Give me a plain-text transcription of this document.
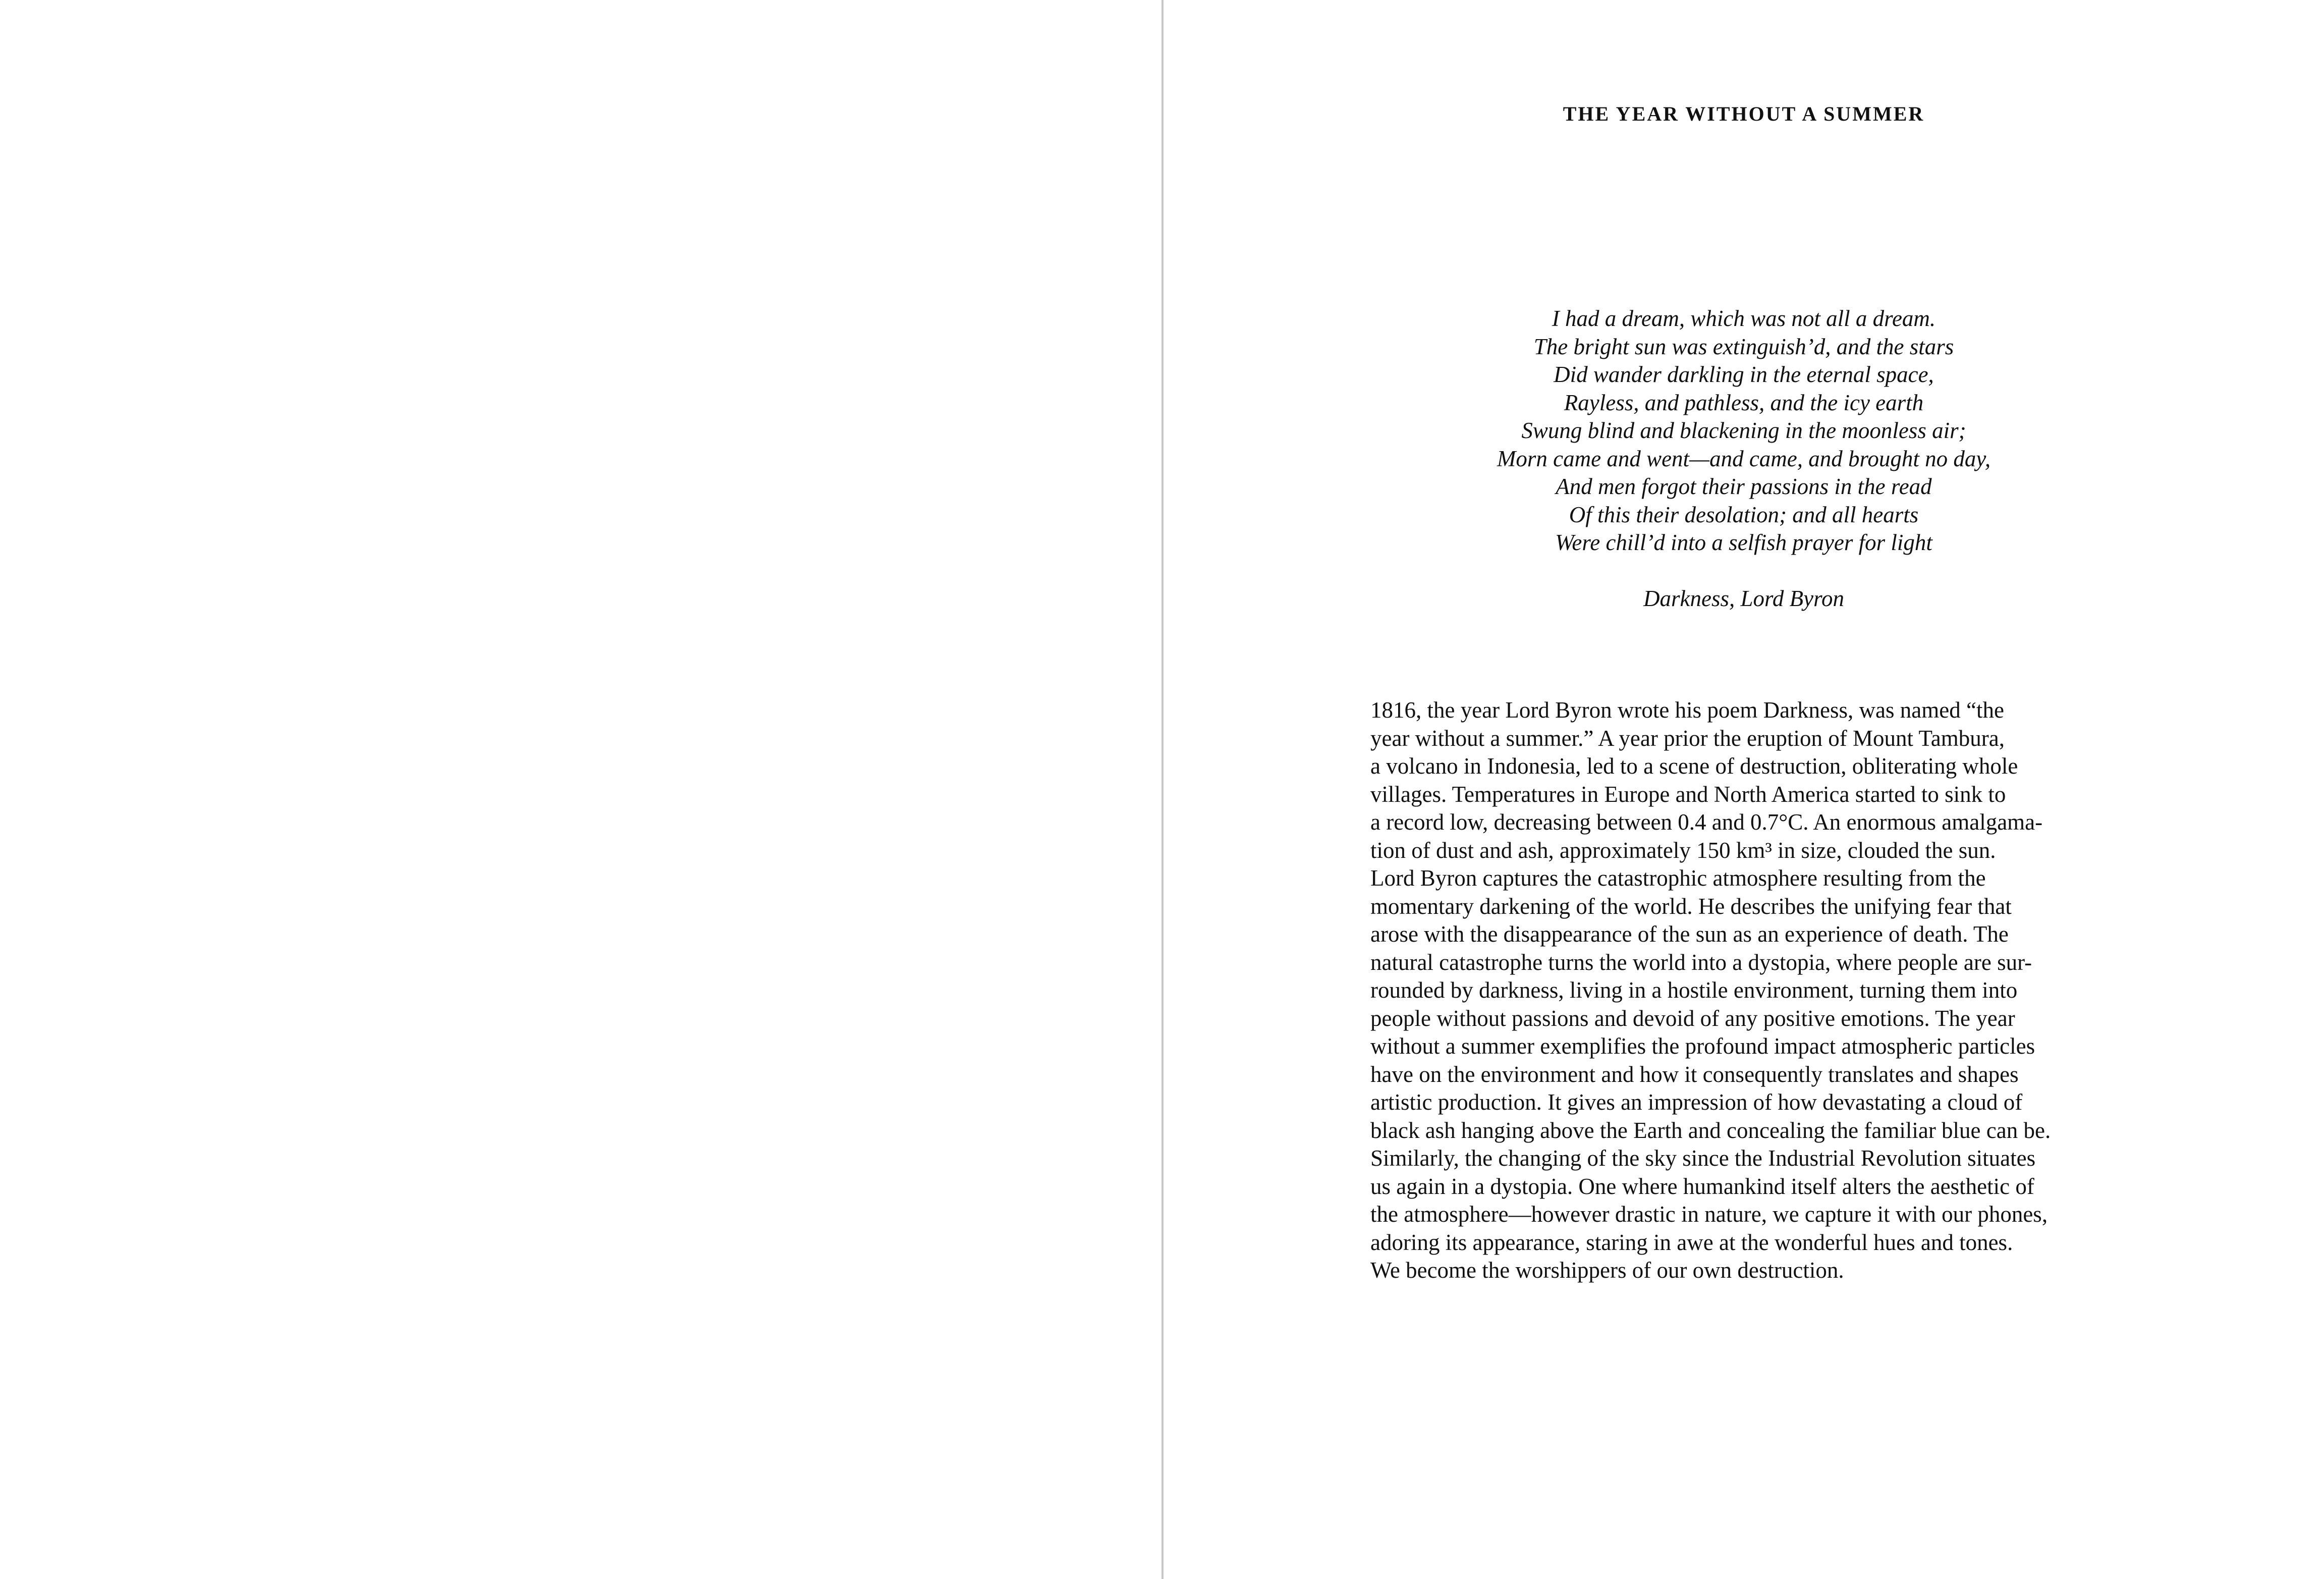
THE YEAR WITHOUT A SUMMER
I had a dream, which was not all a dream.
The bright sun was extinguish’d, and the stars
Did wander darkling in the eternal space,
Rayless, and pathless, and the icy earth
Swung blind and blackening in the moonless air;
Morn came and went—and came, and brought no day,
And men forgot their passions in the read
Of this their desolation; and all hearts
Were chill’d into a selfish prayer for light
Darkness, Lord Byron
1816, the year Lord Byron wrote his poem Darkness, was named “the
year without a summer.” A year prior the eruption of Mount Tambura,
a volcano in Indonesia, led to a scene of destruction, obliterating whole
villages. Temperatures in Europe and North America started to sink to
a record low, decreasing between 0.4 and 0.7°C. An enormous amalgama-
tion of dust and ash, approximately 150 km³ in size, clouded the sun.
Lord Byron captures the catastrophic atmosphere resulting from the
momentary darkening of the world. He describes the unifying fear that
arose with the disappearance of the sun as an experience of death. The
natural catastrophe turns the world into a dystopia, where people are sur-
rounded by darkness, living in a hostile environment, turning them into
people without passions and devoid of any positive emotions. The year
without a summer exemplifies the profound impact atmospheric particles
have on the environment and how it consequently translates and shapes
artistic production. It gives an impression of how devastating a cloud of
black ash hanging above the Earth and concealing the familiar blue can be.
Similarly, the changing of the sky since the Industrial Revolution situates
us again in a dystopia. One where humankind itself alters the aesthetic of
the atmosphere—however drastic in nature, we capture it with our phones,
adoring its appearance, staring in awe at the wonderful hues and tones.
We become the worshippers of our own destruction.
